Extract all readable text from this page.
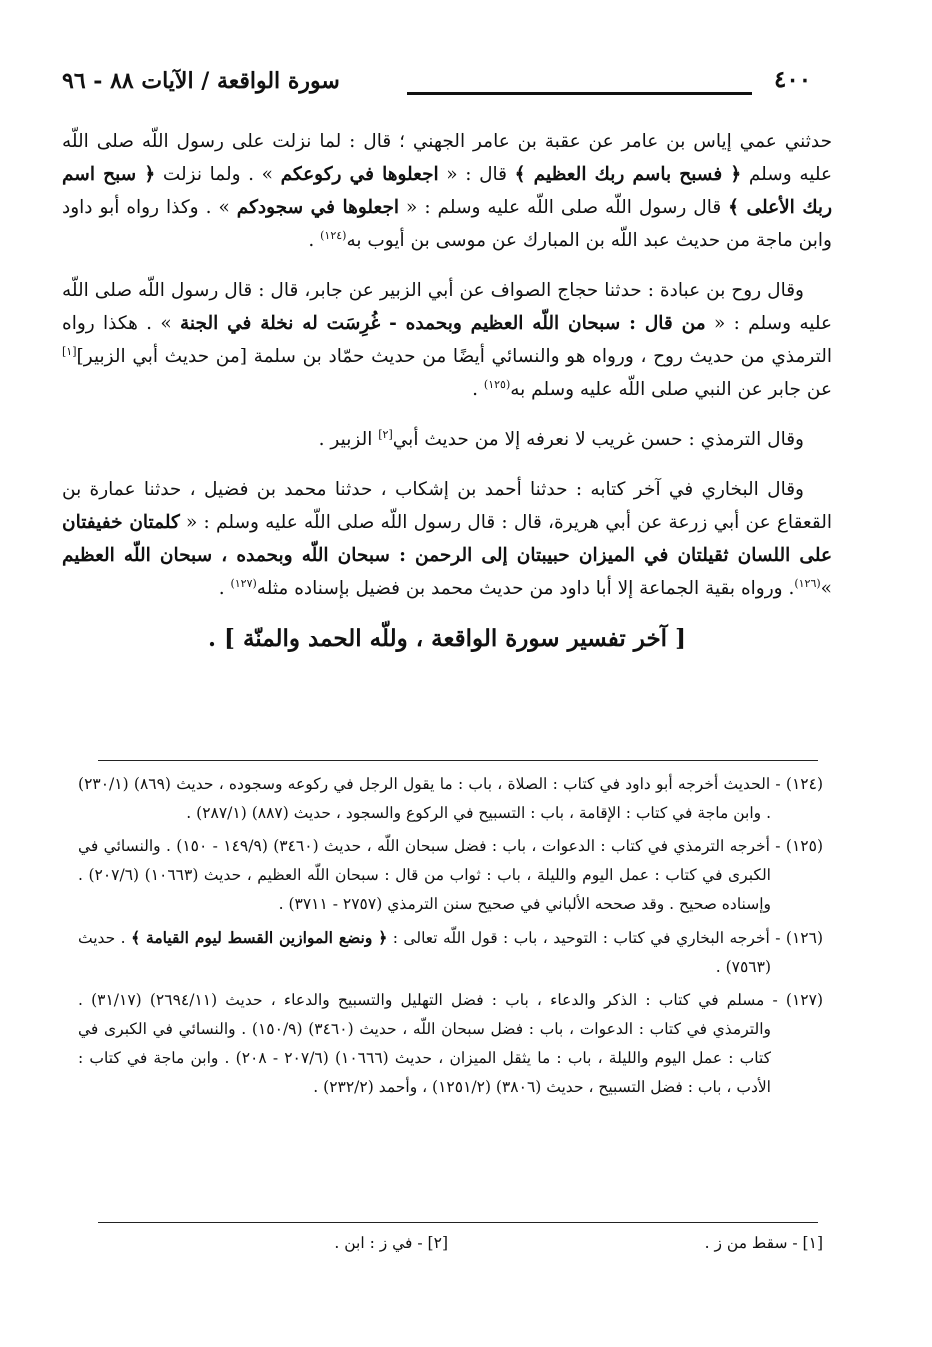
سورة الواقعة / الآيات ٨٨ - ٩٦	٤٠٠

حدثني عمي إياس بن عامر عن عقبة بن عامر الجهني ؛ قال : لما نزلت على رسول اللّه صلى اللّه عليه وسلم ﴿ فسبح باسم ربك العظيم ﴾ قال : « اجعلوها في ركوعكم » . ولما نزلت ﴿ سبح اسم ربك الأعلى ﴾ قال رسول اللّه صلى اللّه عليه وسلم : « اجعلوها في سجودكم » . وكذا رواه أبو داود وابن ماجة من حديث عبد اللّه بن المبارك عن موسى بن أيوب به$^{(١٢٤)}$ .

وقال روح بن عبادة : حدثنا حجاج الصواف عن أبي الزبير عن جابر، قال : قال رسول اللّه صلى اللّه عليه وسلم : « من قال : سبحان اللّه العظيم وبحمده - غُرِسَت له نخلة في الجنة » . هكذا رواه الترمذي من حديث روح ، ورواه هو والنسائي أيضًا من حديث حمّاد بن سلمة [من حديث أبي الزبير][١] عن جابر عن النبي صلى اللّه عليه وسلم به$^{(١٢٥)}$ .

وقال الترمذي : حسن غريب لا نعرفه إلا من حديث أبي[٢] الزبير .

وقال البخاري في آخر كتابه : حدثنا أحمد بن إشكاب ، حدثنا محمد بن فضيل ، حدثنا عمارة بن القعقاع عن أبي زرعة عن أبي هريرة، قال : قال رسول اللّه صلى اللّه عليه وسلم : « كلمتان خفيفتان على اللسان ثقيلتان في الميزان حبيبتان إلى الرحمن : سبحان اللّه وبحمده ، سبحان اللّه العظيم »$^{(١٢٦)}$. ورواه بقية الجماعة إلا أبا داود من حديث محمد بن فضيل بإسناده مثله$^{(١٢٧)}$ .

[ آخر تفسير سورة الواقعة ، وللّه الحمد والمنّة ] .

(١٢٤) - الحديث أخرجه أبو داود في كتاب : الصلاة ، باب : ما يقول الرجل في ركوعه وسجوده ، حديث (٨٦٩) (٢٣٠/١) . وابن ماجة في كتاب : الإقامة ، باب : التسبيح في الركوع والسجود ، حديث (٨٨٧) (٢٨٧/١) .

(١٢٥) - أخرجه الترمذي في كتاب : الدعوات ، باب : فضل سبحان اللّه ، حديث (٣٤٦٠) (١٤٩/٩ - ١٥٠) . والنسائي في الكبرى في كتاب : عمل اليوم والليلة ، باب : ثواب من قال : سبحان اللّه العظيم ، حديث (١٠٦٦٣) (٢٠٧/٦) . وإسناده صحيح . وقد صححه الألباني في صحيح سنن الترمذي (٢٧٥٧ - ٣٧١١) .

(١٢٦) - أخرجه البخاري في كتاب : التوحيد ، باب : قول اللّه تعالى : ﴿ ونضع الموازين القسط ليوم القيامة ﴾ . حديث (٧٥٦٣) .

(١٢٧) - مسلم في كتاب : الذكر والدعاء ، باب : فضل التهليل والتسبيح والدعاء ، حديث (٢٦٩٤/١١) (٣١/١٧) . والترمذي في كتاب : الدعوات ، باب : فضل سبحان اللّه ، حديث (٣٤٦٠) (١٥٠/٩) . والنسائي في الكبرى في كتاب : عمل اليوم والليلة ، باب : ما يثقل الميزان ، حديث (١٠٦٦٦) (٢٠٧/٦ - ٢٠٨) . وابن ماجة في كتاب : الأدب ، باب : فضل التسبيح ، حديث (٣٨٠٦) (١٢٥١/٢) ، وأحمد (٢٣٢/٢) .

[١] - سقط من ز .
[٢] - في ز : ابن .
